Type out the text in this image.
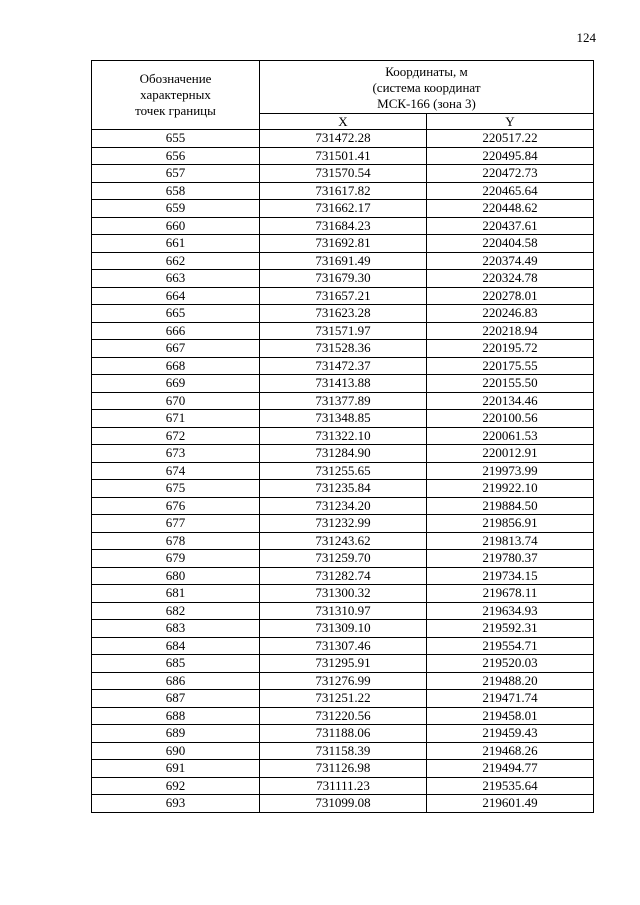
124
Обозначение
характерных
точек границы	Координаты, м
(система координат
МСК-166 (зона 3)	
	X	Y
655	731472.28	220517.22
656	731501.41	220495.84
657	731570.54	220472.73
658	731617.82	220465.64
659	731662.17	220448.62
660	731684.23	220437.61
661	731692.81	220404.58
662	731691.49	220374.49
663	731679.30	220324.78
664	731657.21	220278.01
665	731623.28	220246.83
666	731571.97	220218.94
667	731528.36	220195.72
668	731472.37	220175.55
669	731413.88	220155.50
670	731377.89	220134.46
671	731348.85	220100.56
672	731322.10	220061.53
673	731284.90	220012.91
674	731255.65	219973.99
675	731235.84	219922.10
676	731234.20	219884.50
677	731232.99	219856.91
678	731243.62	219813.74
679	731259.70	219780.37
680	731282.74	219734.15
681	731300.32	219678.11
682	731310.97	219634.93
683	731309.10	219592.31
684	731307.46	219554.71
685	731295.91	219520.03
686	731276.99	219488.20
687	731251.22	219471.74
688	731220.56	219458.01
689	731188.06	219459.43
690	731158.39	219468.26
691	731126.98	219494.77
692	731111.23	219535.64
693	731099.08	219601.49
